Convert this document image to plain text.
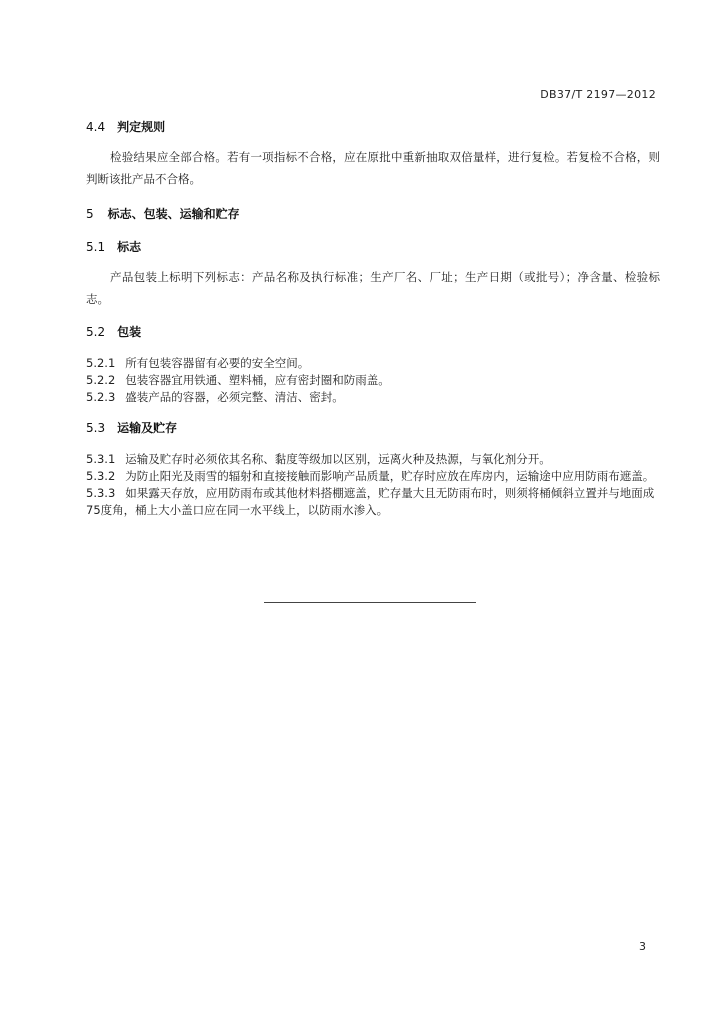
DB37/T 2197—2012

4.4 判定规则

检验结果应全部合格。若有一项指标不合格，应在原批中重新抽取双倍量样，进行复检。若复检不合格，则判断该批产品不合格。

5 标志、包装、运输和贮存

5.1 标志

产品包装上标明下列标志：产品名称及执行标准；生产厂名、厂址；生产日期（或批号）；净含量、检验标志。

5.2 包装

5.2.1 所有包装容器留有必要的安全空间。

5.2.2 包装容器宜用铁通、塑料桶，应有密封圈和防雨盖。

5.2.3 盛装产品的容器，必须完整、清洁、密封。

5.3 运输及贮存

5.3.1 运输及贮存时必须依其名称、黏度等级加以区别，远离火种及热源，与氧化剂分开。

5.3.2 为防止阳光及雨雪的辐射和直接接触而影响产品质量，贮存时应放在库房内，运输途中应用防雨布遮盖。

5.3.3 如果露天存放，应用防雨布或其他材料搭棚遮盖，贮存量大且无防雨布时，则须将桶倾斜立置并与地面成75度角，桶上大小盖口应在同一水平线上，以防雨水渗入。

3
